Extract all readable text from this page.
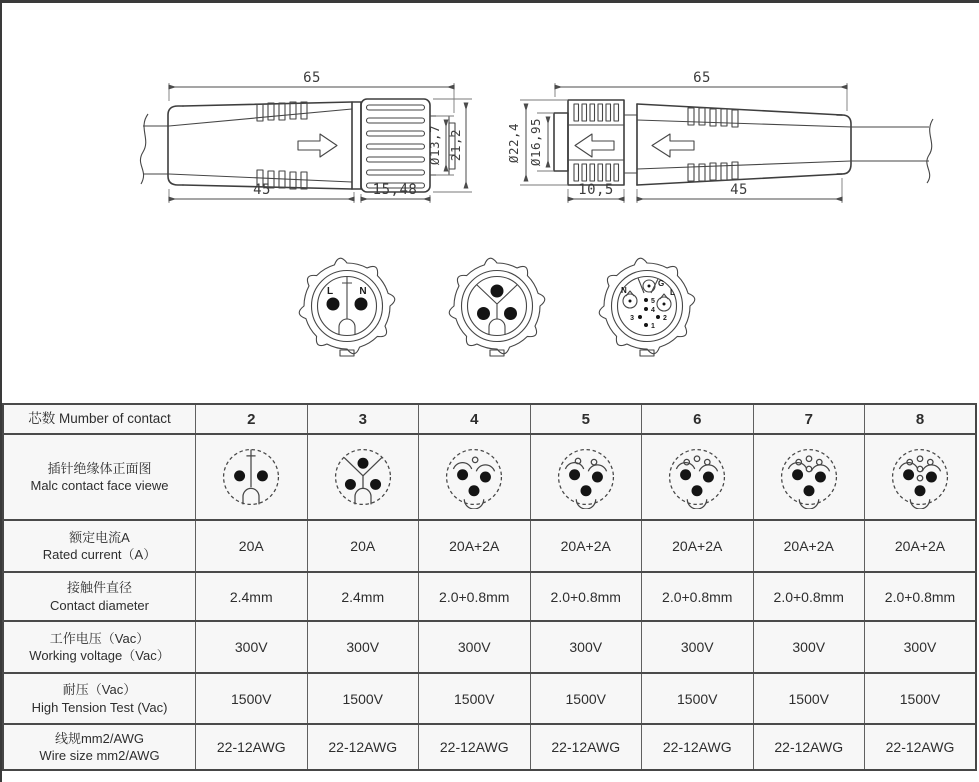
65
45	15,48
Ø13,7 21,2
65
Ø22,4 Ø16,95
10,5	45
L	N
G
N	L
5
4
3	2
1
芯数 Mumber of contact	2	3	4	5	6	7	8

插针绝缘体正面图
Malc contact face viewe

额定电流A
Rated current（A）	20A	20A	20A+2A	20A+2A	20A+2A	20A+2A	20A+2A

接触件直径
Contact diameter	2.4mm	2.4mm	2.0+0.8mm	2.0+0.8mm	2.0+0.8mm	2.0+0.8mm	2.0+0.8mm

工作电压（Vac）
Working voltage（Vac）	300V	300V	300V	300V	300V	300V	300V

耐压（Vac）
High Tension Test (Vac)	1500V	1500V	1500V	1500V	1500V	1500V	1500V

线规mm2/AWG
Wire size mm2/AWG	22-12AWG	22-12AWG	22-12AWG	22-12AWG	22-12AWG	22-12AWG	22-12AWG
